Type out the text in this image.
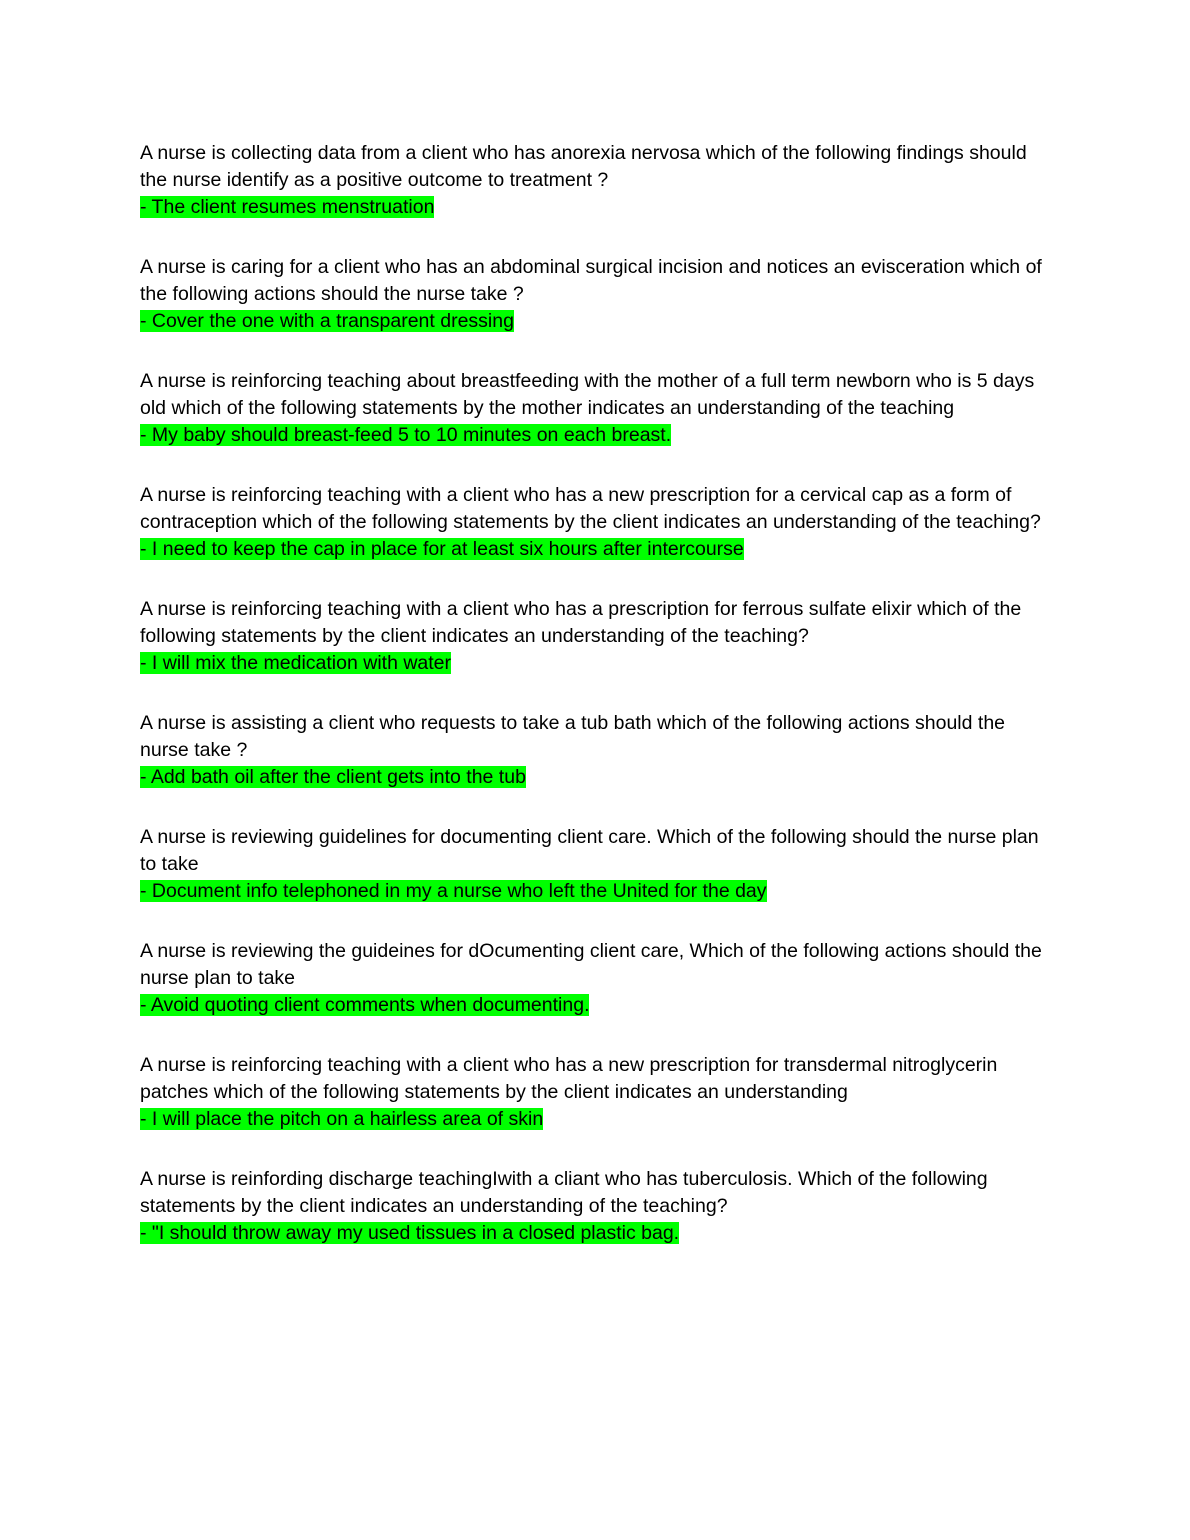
A nurse is collecting data from a client who has anorexia nervosa which of the following findings should the nurse identify as a positive outcome to treatment ?

- The client resumes menstruation

A nurse is caring for a client who has an abdominal surgical incision and notices an evisceration which of the following actions should the nurse take ?

- Cover the one with a transparent dressing

A nurse is reinforcing teaching about breastfeeding with the mother of a full term newborn who is 5 days old which of the following statements by the mother indicates an understanding of the teaching

- My baby should breast-feed 5 to 10 minutes on each breast.

A nurse is reinforcing teaching with a client who has a new prescription for a cervical cap as a form of contraception which of the following statements by the client indicates an understanding of the teaching?

- I need to keep the cap in place for at least six hours after intercourse

A nurse is reinforcing teaching with a client who has a prescription for ferrous sulfate elixir which of the following statements by the client indicates an understanding of the teaching?

- I will mix the medication with water

A nurse is assisting a client who requests to take a tub bath which of the following actions should the nurse take ?

- Add bath oil after the client gets into the tub

A nurse is reviewing guidelines for documenting client care. Which of the following should the nurse plan to take

- Document info telephoned in my a nurse who left the United for the day

A nurse is reviewing the guideines for dOcumenting client care, Which of the following actions should the nurse plan to take

- Avoid quoting client comments when documenting.

A nurse is reinforcing teaching with a client who has a new prescription for transdermal nitroglycerin patches which of the following statements by the client indicates an understanding

- I will place the pitch on a hairless area of skin

A nurse is reinfording discharge teachingIwith a cliant who has tuberculosis. Which of the following statements by the client indicates an understanding of the teaching?

- "I should throw away my used tissues in a closed plastic bag.
